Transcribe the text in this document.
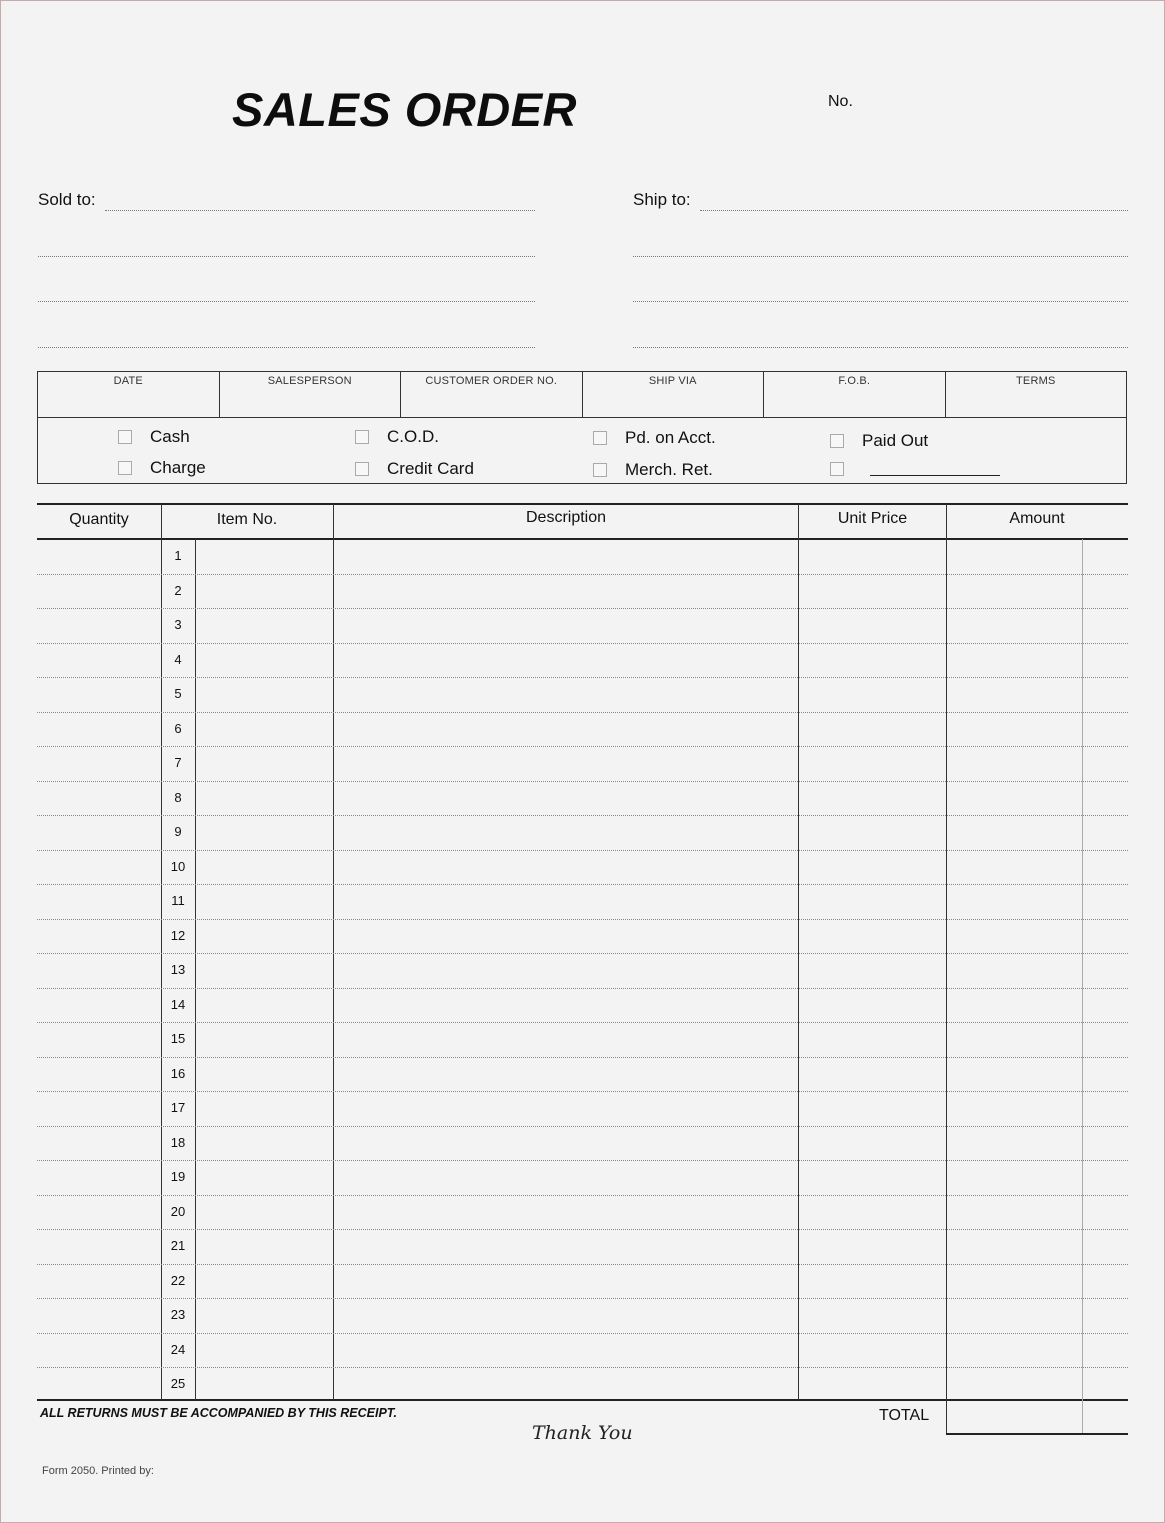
SALES ORDER	No.
Sold to:	Ship to:
DATE	SALESPERSON	CUSTOMER ORDER NO.	SHIP VIA	F.O.B.	TERMS
Cash
Charge
C.O.D.
Credit Card
Pd. on Acct.
Merch. Ret.
Paid Out
Quantity	Item No.	Description	Unit Price	Amount
1
2
3
4
5
6
7
8
9
10
11
12
13
14
15
16
17
18
19
20
21
22
23
24
25
ALL RETURNS MUST BE ACCOMPANIED BY THIS RECEIPT.
Thank You
TOTAL
Form 2050. Printed by:
